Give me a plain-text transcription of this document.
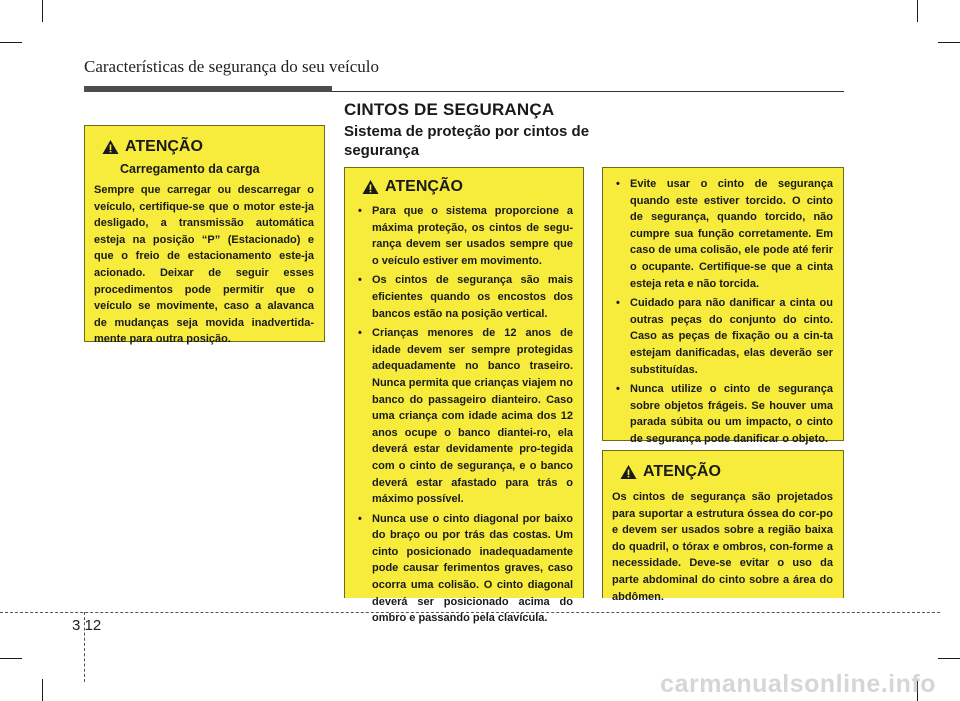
Características de segurança do seu veículo
CINTOS DE SEGURANÇA
Sistema de proteção por cintos de segurança
ATENÇÃO
Carregamento da carga

Sempre que carregar ou descarregar o veículo, certifique-se que o motor este-ja desligado, a transmissão automática esteja na posição “P” (Estacionado) e que o freio de estacionamento este-ja acionado. Deixar de seguir esses procedimentos pode permitir que o veículo se movimente, caso a alavanca de mudanças seja movida inadvertida-mente para outra posição.

ATENÇÃO
• Para que o sistema proporcione a máxima proteção, os cintos de segu-rança devem ser usados sempre que o veículo estiver em movimento.
• Os cintos de segurança são mais eficientes quando os encostos dos bancos estão na posição vertical.
• Crianças menores de 12 anos de idade devem ser sempre protegidas adequadamente no banco traseiro. Nunca permita que crianças viajem no banco do passageiro dianteiro. Caso uma criança com idade acima dos 12 anos ocupe o banco diantei-ro, ela deverá estar devidamente pro-tegida com o cinto de segurança, e o banco deverá estar afastado para trás o máximo possível.
• Nunca use o cinto diagonal por baixo do braço ou por trás das costas. Um cinto posicionado inadequadamente pode causar ferimentos graves, caso ocorra uma colisão. O cinto diagonal deverá ser posicionado acima do ombro e passando pela clavícula.
• Evite usar o cinto de segurança quando este estiver torcido. O cinto de segurança, quando torcido, não cumpre sua função corretamente. Em caso de uma colisão, ele pode até ferir o ocupante. Certifique-se que a cinta esteja reta e não torcida.
• Cuidado para não danificar a cinta ou outras peças do conjunto do cinto. Caso as peças de fixação ou a cin-ta estejam danificadas, elas deverão ser substituídas.
• Nunca utilize o cinto de segurança sobre objetos frágeis. Se houver uma parada súbita ou um impacto, o cinto de segurança pode danificar o objeto.
ATENÇÃO

Os cintos de segurança são projetados para suportar a estrutura óssea do cor-po e devem ser usados sobre a região baixa do quadril, o tórax e ombros, con-forme a necessidade. Deve-se evitar o uso da parte abdominal do cinto sobre a área do abdômen.

3 12
carmanualsonline.info
